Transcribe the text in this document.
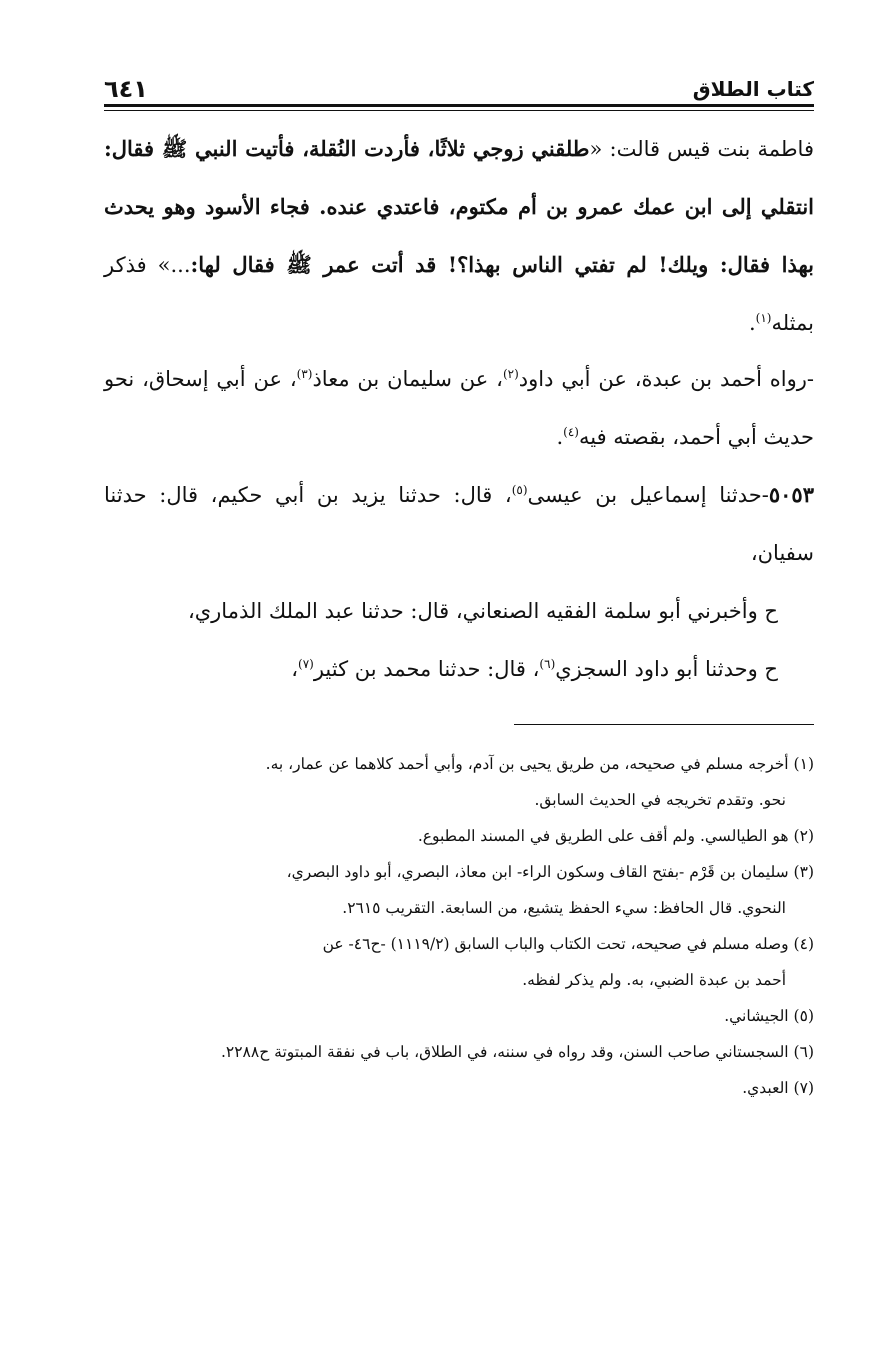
كتاب الطلاق
٦٤١

فاطمة بنت قيس قالت: «طلقني زوجي ثلاثًا، فأردت النُقلة، فأتيت النبي ﷺ فقال: انتقلي إلى ابن عمك عمرو بن أم مكتوم، فاعتدي عنده. فجاء الأسود وهو يحدث بهذا فقال: ويلك! لم تفتي الناس بهذا؟! قد أتت عمر ﷺ فقال لها:...» فذكر بمثله$^{(١)}$.

-رواه أحمد بن عبدة، عن أبي داود$^{(٢)}$، عن سليمان بن معاذ$^{(٣)}$، عن أبي إسحاق، نحو حديث أبي أحمد، بقصته فيه$^{(٤)}$.

٥٠٥٣-حدثنا إسماعيل بن عيسى$^{(٥)}$، قال: حدثنا يزيد بن أبي حكيم، قال: حدثنا سفيان،

ح وأخبرني أبو سلمة الفقيه الصنعاني، قال: حدثنا عبد الملك الذماري،

ح وحدثنا أبو داود السجزي$^{(٦)}$، قال: حدثنا محمد بن كثير$^{(٧)}$،

(١) أخرجه مسلم في صحيحه، من طريق يحيى بن آدم، وأبي أحمد كلاهما عن عمار، به.
نحو. وتقدم تخريجه في الحديث السابق.

(٢) هو الطيالسي. ولم أقف على الطريق في المسند المطبوع.

(٣) سليمان بن قَرْم -بفتح القاف وسكون الراء- ابن معاذ، البصري، أبو داود البصري،
النحوي. قال الحافظ: سيء الحفظ يتشيع، من السابعة. التقريب ٢٦١٥.

(٤) وصله مسلم في صحيحه، تحت الكتاب والباب السابق (١١١٩/٢) -ح٤٦- عن
أحمد بن عبدة الضبي، به. ولم يذكر لفظه.

(٥) الجيشاني.

(٦) السجستاني صاحب السنن، وقد رواه في سننه، في الطلاق، باب في نفقة المبتوتة ح٢٢٨٨.

(٧) العبدي.
